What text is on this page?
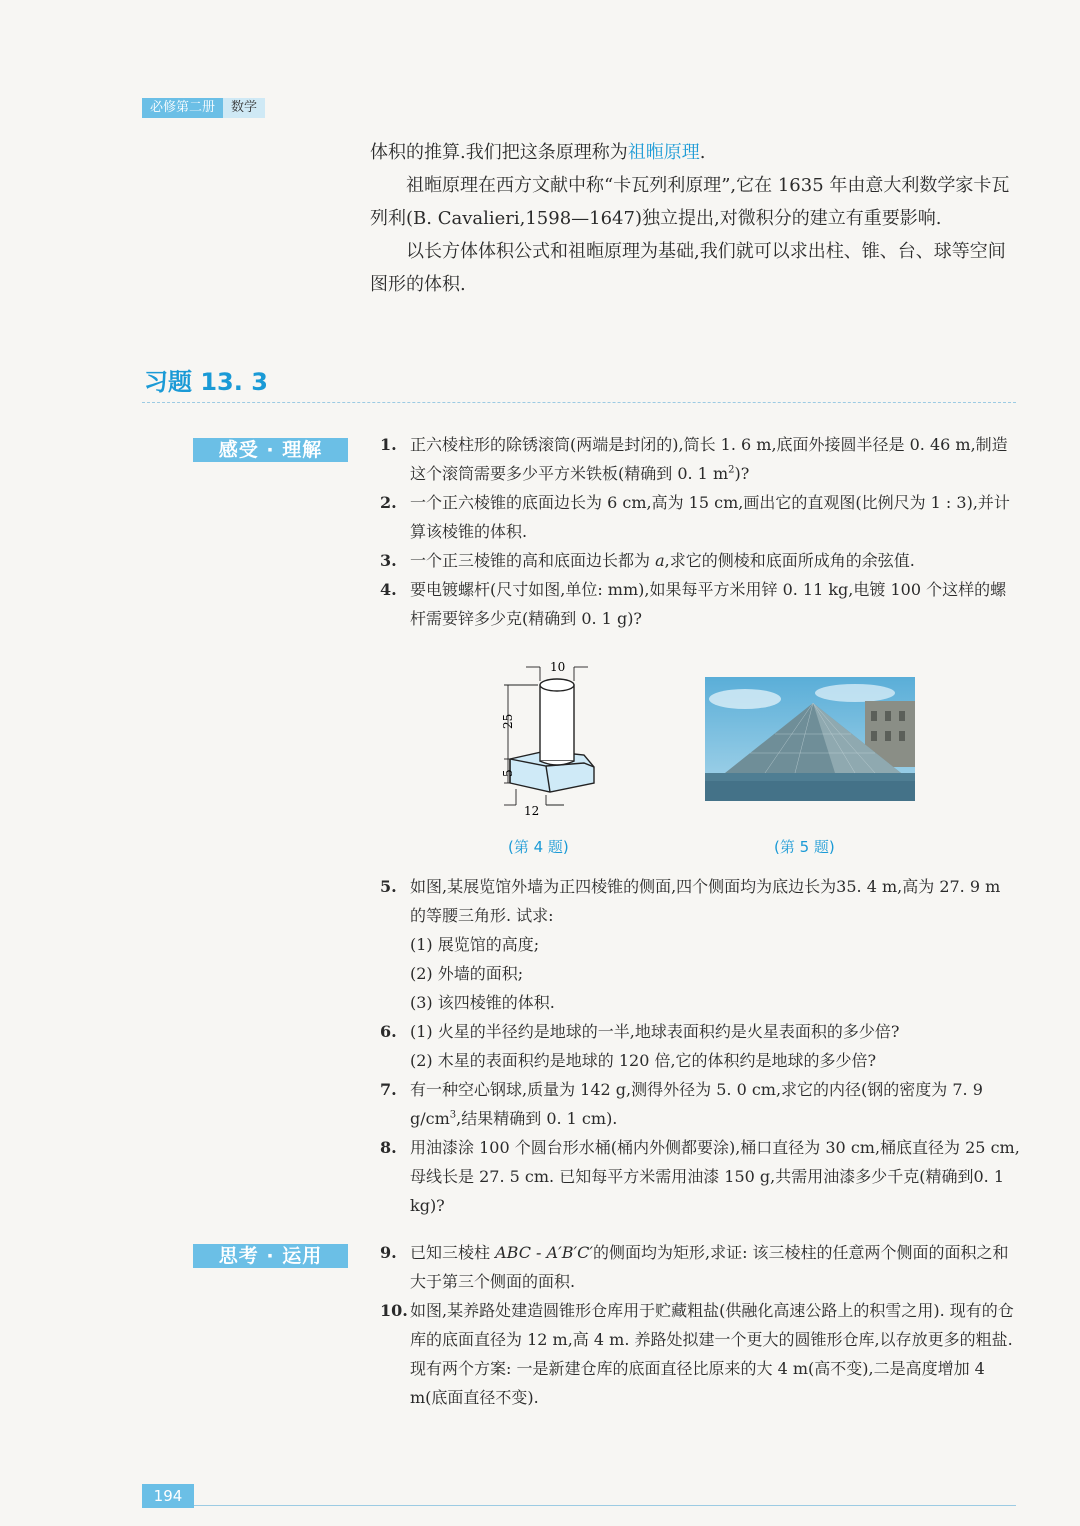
必修第二册	数学

体积的推算.我们把这条原理称为祖暅原理.

祖暅原理在西方文献中称“卡瓦列利原理”,它在 1635 年由意大利数学家卡瓦列利(B. Cavalieri,1598—1647)独立提出,对微积分的建立有重要影响.

以长方体体积公式和祖暅原理为基础,我们就可以求出柱、锥、台、球等空间图形的体积.

习题 13. 3
感受 · 理解	1. 正六棱柱形的除锈滚筒(两端是封闭的),筒长 1. 6 m,底面外接圆半径是 0. 46 m,制造这个滚筒需要多少平方米铁板(精确到 0. 1 $m^2$)?
2. 一个正六棱锥的底面边长为 6 cm,高为 15 cm,画出它的直观图(比例尺为 1 : 3),并计算该棱锥的体积.
3. 一个正三棱锥的高和底面边长都为 a,求它的侧棱和底面所成角的余弦值.
4. 要电镀螺杆(尺寸如图,单位: mm),如果每平方米用锌 0. 11 kg,电镀 100 个这样的螺杆需要锌多少克(精确到 0. 1 g)?
10
25
5
12
(第 4 题)	(第 5 题)
5. 如图,某展览馆外墙为正四棱锥的侧面,四个侧面均为底边长为35. 4 m,高为 27. 9 m 的等腰三角形. 试求:
(1) 展览馆的高度;
(2) 外墙的面积;
(3) 该四棱锥的体积.
6. (1) 火星的半径约是地球的一半,地球表面积约是火星表面积的多少倍?
(2) 木星的表面积约是地球的 120 倍,它的体积约是地球的多少倍?
7. 有一种空心钢球,质量为 142 g,测得外径为 5. 0 cm,求它的内径(钢的密度为 7. 9 $g/cm^3$,结果精确到 0. 1 cm).
8. 用油漆涂 100 个圆台形水桶(桶内外侧都要涂),桶口直径为 30 cm,桶底直径为 25 cm,母线长是 27. 5 cm. 已知每平方米需用油漆 150 g,共需用油漆多少千克(精确到0. 1 kg)?
思考 · 运用	9. 已知三棱柱 ABC - A′B′C′的侧面均为矩形,求证: 该三棱柱的任意两个侧面的面积之和大于第三个侧面的面积.
10. 如图,某养路处建造圆锥形仓库用于贮藏粗盐(供融化高速公路上的积雪之用). 现有的仓库的底面直径为 12 m,高 4 m. 养路处拟建一个更大的圆锥形仓库,以存放更多的粗盐. 现有两个方案: 一是新建仓库的底面直径比原来的大 4 m(高不变),二是高度增加 4 m(底面直径不变).
194
